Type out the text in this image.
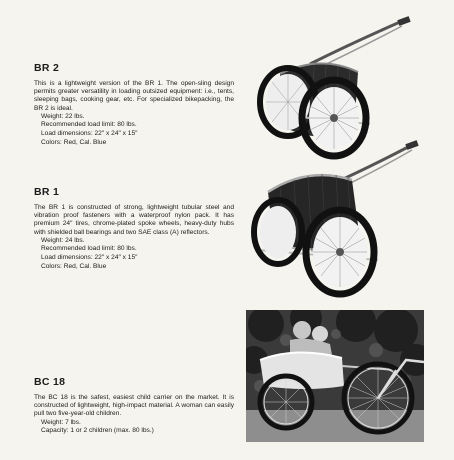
BR 2

This is a lightweight version of the BR 1. The open-sling design permits greater versatility in loading outsized equipment: i.e., tents, sleeping bags, cooking gear, etc. For specialized bikepacking, the BR 2 is ideal.

Weight: 22 lbs.
Recommended load limit: 80 lbs.
Load dimensions: 22″ x 24″ x 15″
Colors: Red, Cal. Blue
BR 1

The BR 1 is constructed of strong, lightweight tubular steel and vibration proof fasteners with a waterproof nylon pack. It has premium 24″ tires, chrome-plated spoke wheels, heavy-duty hubs with shielded ball bearings and two SAE class (A) reflectors.

Weight: 24 lbs.
Recommended load limit: 80 lbs.
Load dimensions: 22″ x 24″ x 15″
Colors: Red, Cal. Blue
BC 18

The BC 18 is the safest, easiest child carrier on the market. It is constructed of lightweight, high-impact material. A woman can easily pull two five-year-old children.

Weight: 7 lbs.
Capacity: 1 or 2 children (max. 80 lbs.)
